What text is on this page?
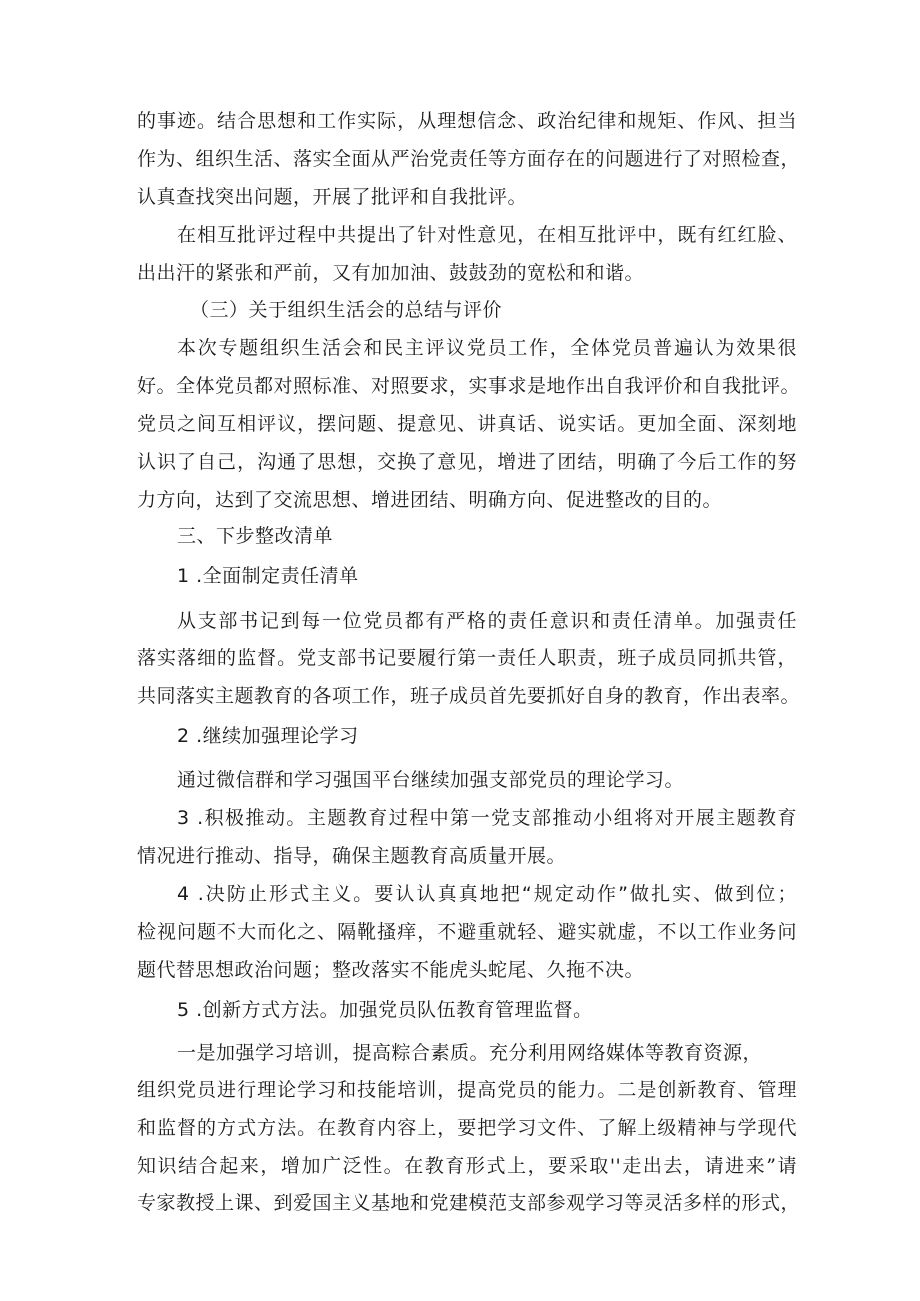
的事迹。结合思想和工作实际，从理想信念、政治纪律和规矩、作风、担当
作为、组织生活、落实全面从严治党责任等方面存在的问题进行了对照检查，
认真查找突出问题，开展了批评和自我批评。
在相互批评过程中共提出了针对性意见，在相互批评中，既有红红脸、
出出汗的紧张和严前，又有加加油、鼓鼓劲的宽松和和谐。
（三）关于组织生活会的总结与评价
本次专题组织生活会和民主评议党员工作，全体党员普遍认为效果很
好。全体党员都对照标准、对照要求，实事求是地作出自我评价和自我批评。
党员之间互相评议，摆问题、提意见、讲真话、说实话。更加全面、深刻地
认识了自己，沟通了思想，交换了意见，增进了团结，明确了今后工作的努
力方向，达到了交流思想、增进团结、明确方向、促进整改的目的。
三、下步整改清单
1 .全面制定责任清单
从支部书记到每一位党员都有严格的责任意识和责任清单。加强责任
落实落细的监督。党支部书记要履行第一责任人职责，班子成员同抓共管，
共同落实主题教育的各项工作，班子成员首先要抓好自身的教育，作出表率。
2 .继续加强理论学习
通过微信群和学习强国平台继续加强支部党员的理论学习。
3 .积极推动。主题教育过程中第一党支部推动小组将对开展主题教育
情况进行推动、指导，确保主题教育高质量开展。
4 .决防止形式主义。要认认真真地把“规定动作”做扎实、做到位；
检视问题不大而化之、隔靴搔痒，不避重就轻、避实就虚，不以工作业务问
题代替思想政治问题；整改落实不能虎头蛇尾、久拖不决。
5 .创新方式方法。加强党员队伍教育管理监督。
一是加强学习培训，提高粽合素质。充分利用网络媒体等教育资源，
组织党员进行理论学习和技能培训，提高党员的能力。二是创新教育、管理
和监督的方式方法。在教育内容上，要把学习文件、了解上级精神与学现代
知识结合起来，增加广泛性。在教育形式上，要采取''走出去，请进来”请
专家教授上课、到爱国主义基地和党建模范支部参观学习等灵活多样的形式，
